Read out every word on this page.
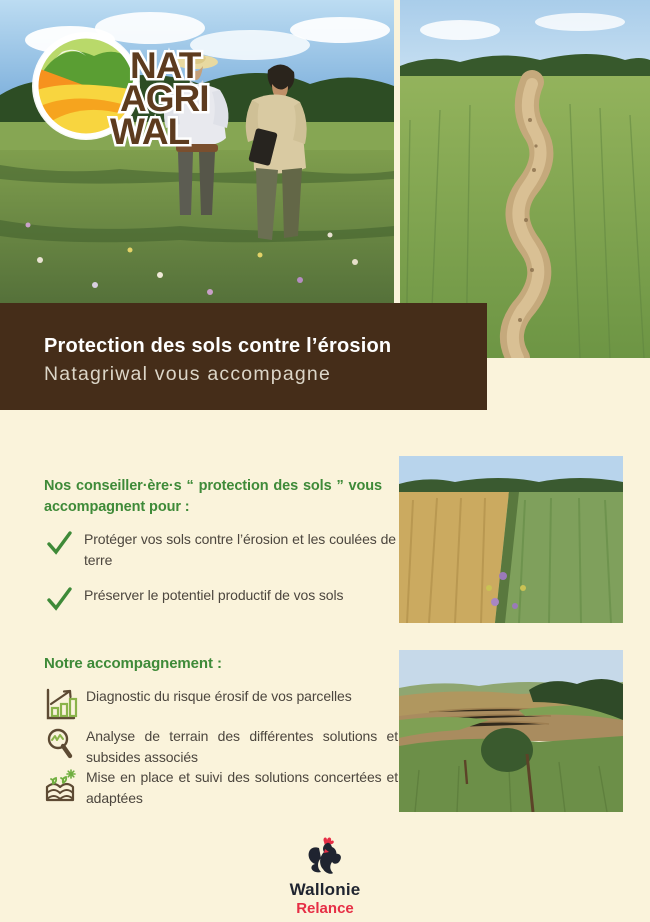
NAT
AGRI
WAL
Protection des sols contre l’érosion
Natagriwal vous accompagne
Nos conseiller·ère·s “ protection des sols ” vous accompagnent pour :
Protéger vos sols contre l’érosion et les coulées de terre
Préserver le potentiel productif de vos sols
Notre accompagnement :
Diagnostic du risque érosif de vos parcelles
Analyse de terrain des différentes solutions et subsides associés
Mise en place et suivi des solutions concertées et adaptées
Wallonie
Relance
